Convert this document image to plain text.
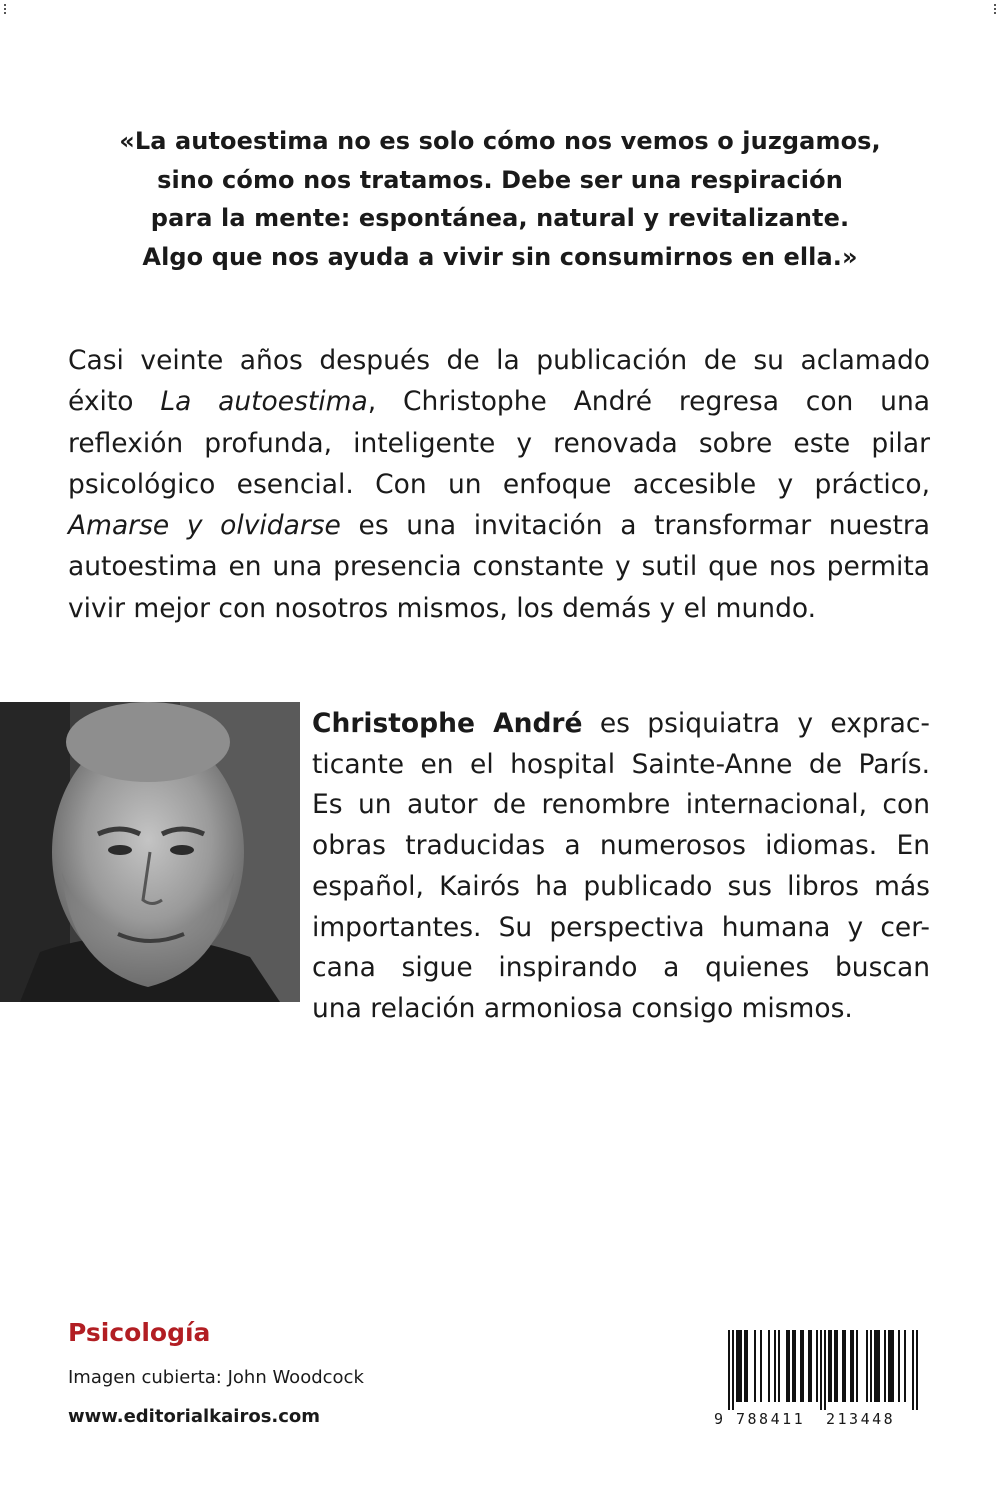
«La autoestima no es solo cómo nos vemos o juzgamos,
sino cómo nos tratamos. Debe ser una respiración
para la mente: espontánea, natural y revitalizante.
Algo que nos ayuda a vivir sin consumirnos en ella.»
Casi veinte años después de la publicación de su aclamado
éxito La autoestima, Christophe André regresa con una
reflexión profunda, inteligente y renovada sobre este pilar
psicológico esencial. Con un enfoque accesible y práctico,
Amarse y olvidarse es una invitación a transformar nuestra
autoestima en una presencia constante y sutil que nos permita
vivir mejor con nosotros mismos, los demás y el mundo.
Christophe André es psiquiatra y exprac-
ticante en el hospital Sainte-Anne de París.
Es un autor de renombre internacional, con
obras traducidas a numerosos idiomas. En
español, Kairós ha publicado sus libros más
importantes. Su perspectiva humana y cer-
cana sigue inspirando a quienes buscan
una relación armoniosa consigo mismos.
Psicología
Imagen cubierta: John Woodcock
www.editorialkairos.com	9 788411 213448
